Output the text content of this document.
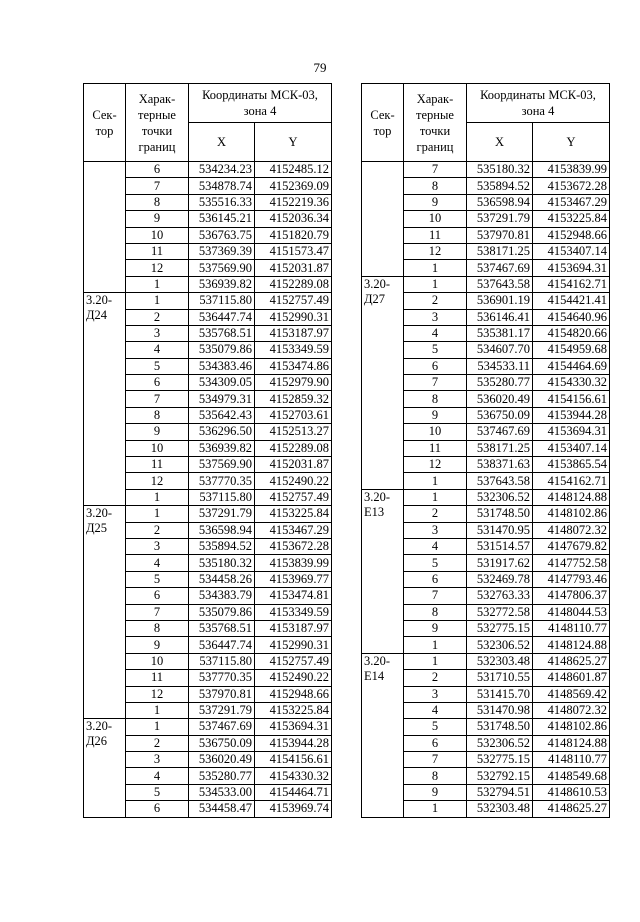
79
Сек-тор	Харак-терные точки границ	Координаты МСК-03, зона 4	
		X	Y
	6	534234.23	4152485.12
	7	534878.74	4152369.09
	8	535516.33	4152219.36
	9	536145.21	4152036.34
	10	536763.75	4151820.79
	11	537369.39	4151573.47
	12	537569.90	4152031.87
	1	536939.82	4152289.08
3.20-Д24	1	537115.80	4152757.49
	2	536447.74	4152990.31
	3	535768.51	4153187.97
	4	535079.86	4153349.59
	5	534383.46	4153474.86
	6	534309.05	4152979.90
	7	534979.31	4152859.32
	8	535642.43	4152703.61
	9	536296.50	4152513.27
	10	536939.82	4152289.08
	11	537569.90	4152031.87
	12	537770.35	4152490.22
	1	537115.80	4152757.49
3.20-Д25	1	537291.79	4153225.84
	2	536598.94	4153467.29
	3	535894.52	4153672.28
	4	535180.32	4153839.99
	5	534458.26	4153969.77
	6	534383.79	4153474.81
	7	535079.86	4153349.59
	8	535768.51	4153187.97
	9	536447.74	4152990.31
	10	537115.80	4152757.49
	11	537770.35	4152490.22
	12	537970.81	4152948.66
	1	537291.79	4153225.84
3.20-Д26	1	537467.69	4153694.31
	2	536750.09	4153944.28
	3	536020.49	4154156.61
	4	535280.77	4154330.32
	5	534533.00	4154464.71
	6	534458.47	4153969.74
Сек-тор	Харак-терные точки границ	Координаты МСК-03, зона 4	
		X	Y
	7	535180.32	4153839.99
	8	535894.52	4153672.28
	9	536598.94	4153467.29
	10	537291.79	4153225.84
	11	537970.81	4152948.66
	12	538171.25	4153407.14
	1	537467.69	4153694.31
3.20-Д27	1	537643.58	4154162.71
	2	536901.19	4154421.41
	3	536146.41	4154640.96
	4	535381.17	4154820.66
	5	534607.70	4154959.68
	6	534533.11	4154464.69
	7	535280.77	4154330.32
	8	536020.49	4154156.61
	9	536750.09	4153944.28
	10	537467.69	4153694.31
	11	538171.25	4153407.14
	12	538371.63	4153865.54
	1	537643.58	4154162.71
3.20-Е13	1	532306.52	4148124.88
	2	531748.50	4148102.86
	3	531470.95	4148072.32
	4	531514.57	4147679.82
	5	531917.62	4147752.58
	6	532469.78	4147793.46
	7	532763.33	4147806.37
	8	532772.58	4148044.53
	9	532775.15	4148110.77
	1	532306.52	4148124.88
3.20-Е14	1	532303.48	4148625.27
	2	531710.55	4148601.87
	3	531415.70	4148569.42
	4	531470.98	4148072.32
	5	531748.50	4148102.86
	6	532306.52	4148124.88
	7	532775.15	4148110.77
	8	532792.15	4148549.68
	9	532794.51	4148610.53
	1	532303.48	4148625.27
